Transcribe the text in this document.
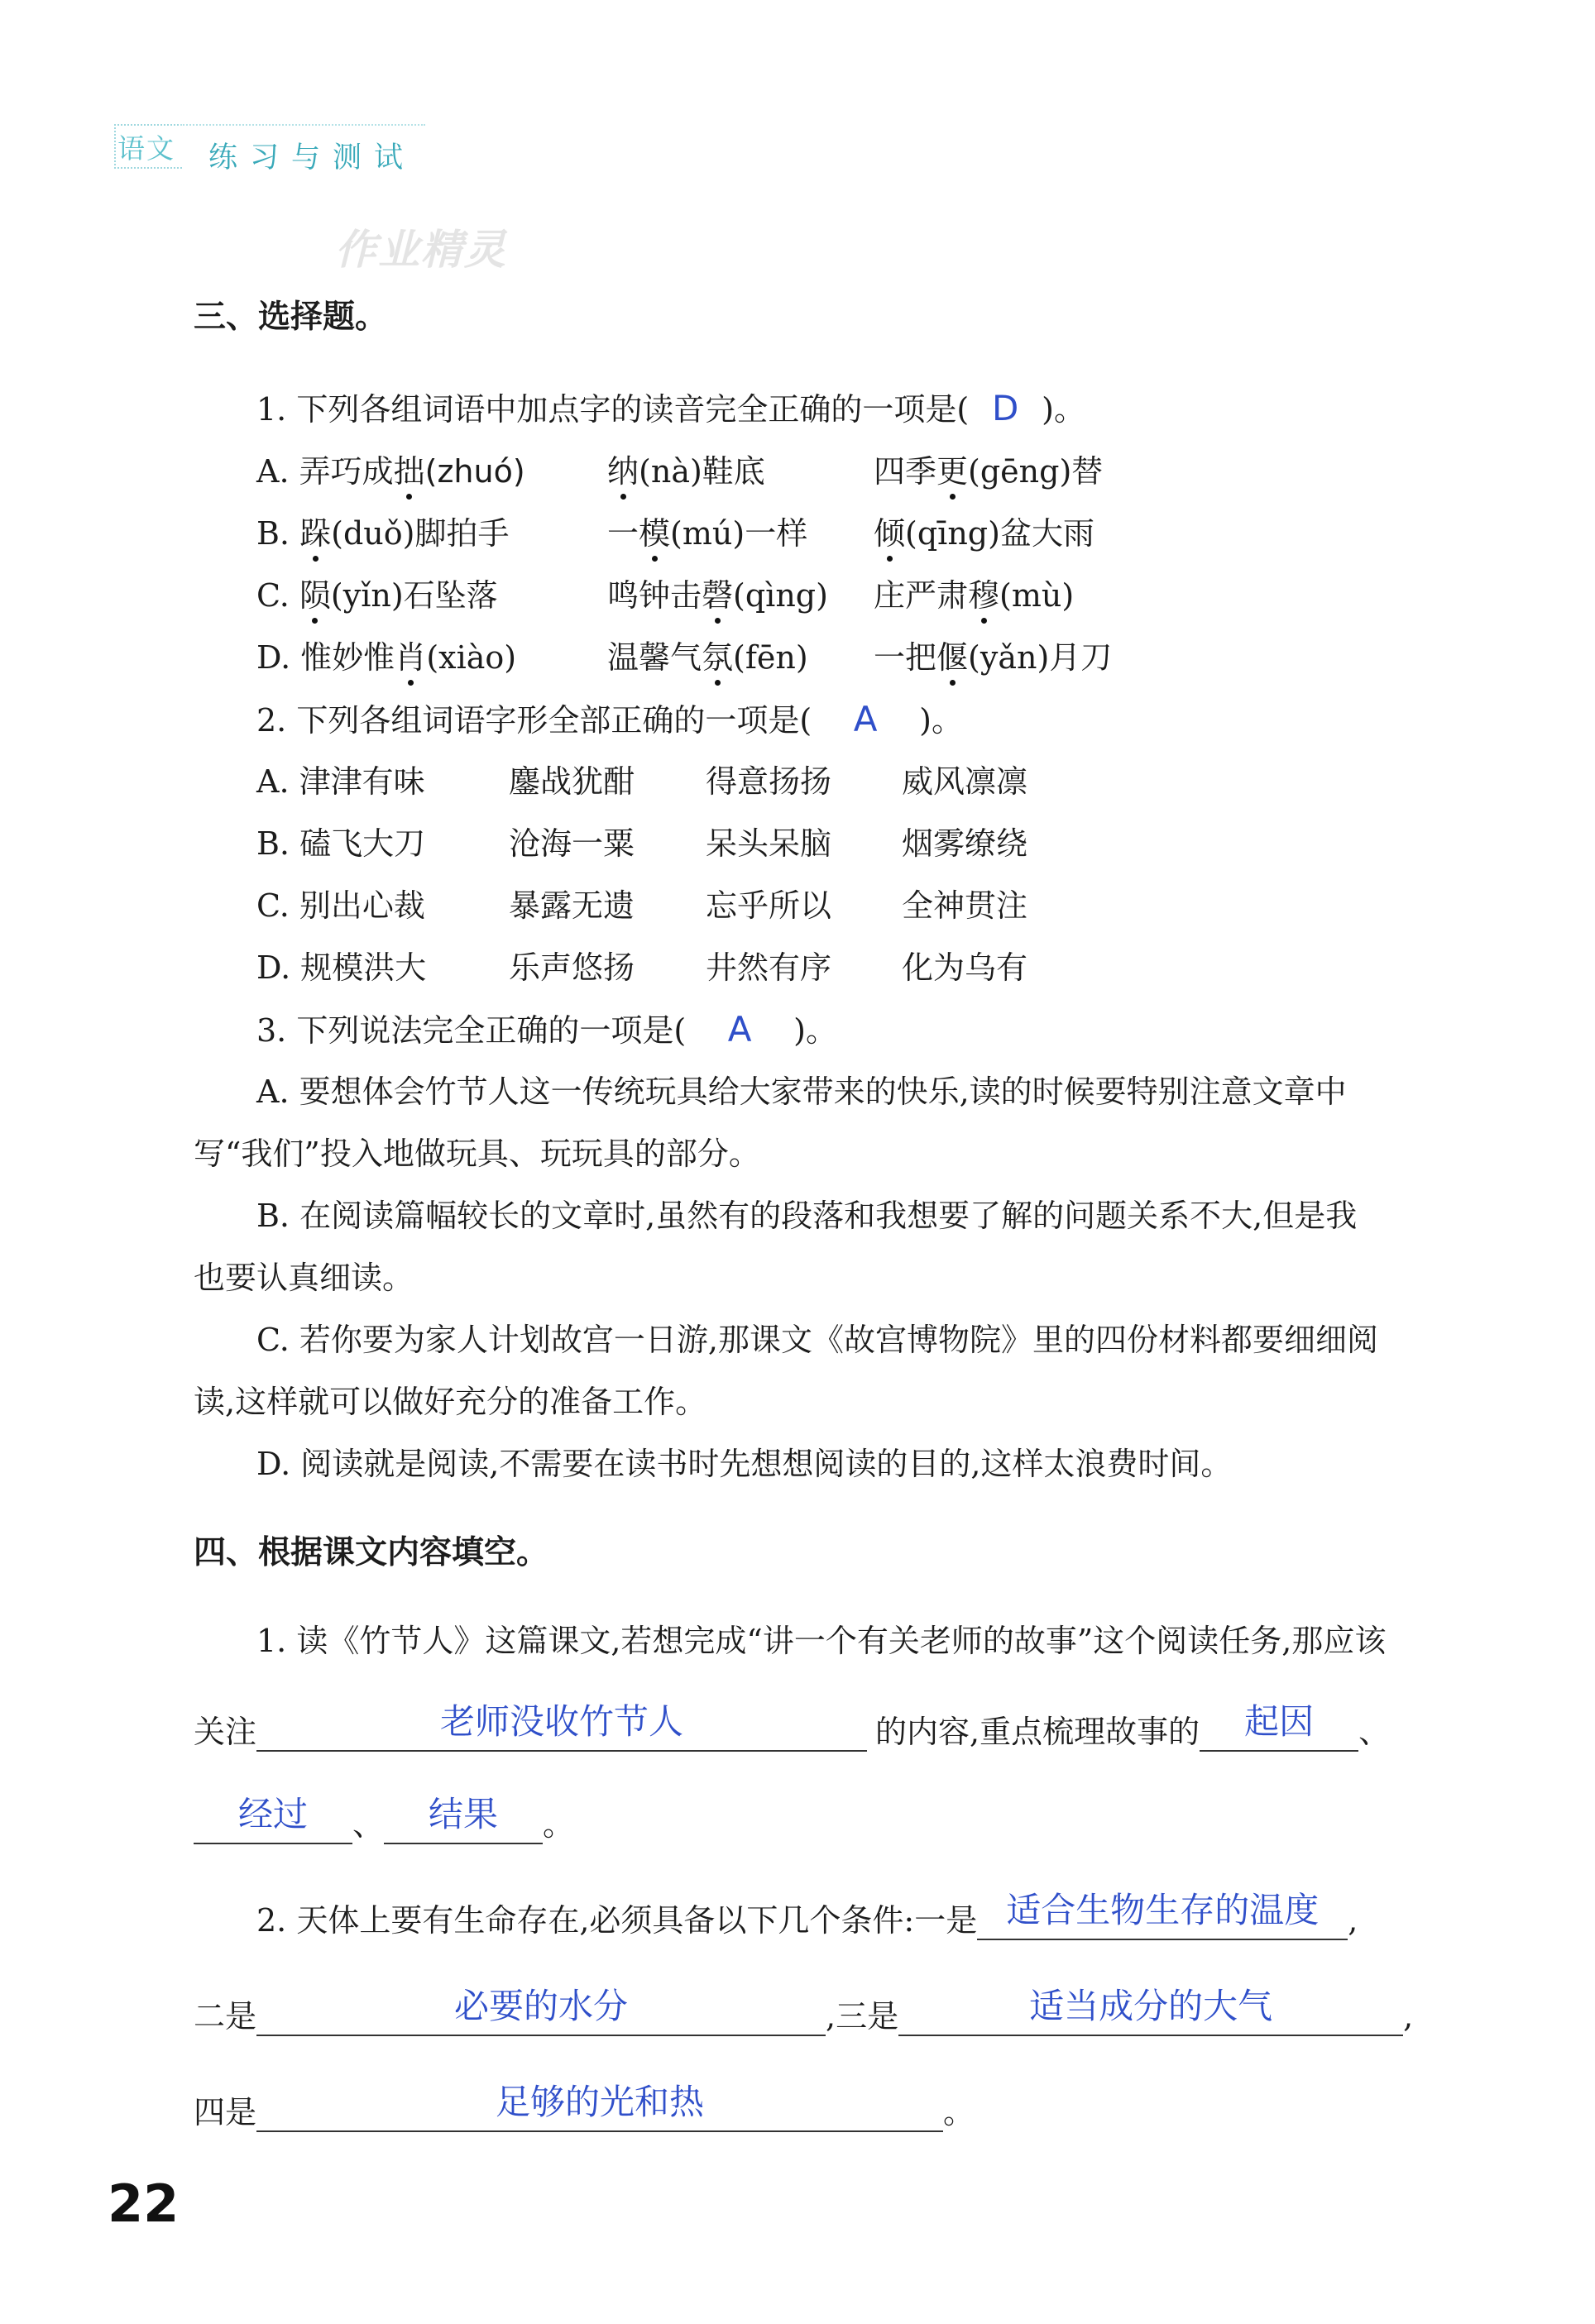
语文 练习与测试
作业精灵
三、选择题。
1. 下列各组词语中加点字的读音完全正确的一项是( D )。
A. 弄巧成拙(zhuó)	纳(nà)鞋底	四季更(gēng)替
B. 跺(duǒ)脚拍手	一模(mú)一样 倾(qīng)盆大雨
C. 陨(yǐn)石坠落	鸣钟击磬(qìng) 庄严肃穆(mù)
D. 惟妙惟肖(xiào)	温馨气氛(fēn) 一把偃(yǎn)月刀
2. 下列各组词语字形全部正确的一项是( A )。
A. 津津有味	鏖战犹酣 得意扬扬 威风凛凛
B. 磕飞大刀	沧海一粟 呆头呆脑 烟雾缭绕
C. 别出心裁	暴露无遗 忘乎所以 全神贯注
D. 规模洪大	乐声悠扬 井然有序 化为乌有
3. 下列说法完全正确的一项是( A )。
A. 要想体会竹节人这一传统玩具给大家带来的快乐,读的时候要特别注意文章中
写“我们”投入地做玩具、玩玩具的部分。
B. 在阅读篇幅较长的文章时,虽然有的段落和我想要了解的问题关系不大,但是我
也要认真细读。
C. 若你要为家人计划故宫一日游,那课文《故宫博物院》里的四份材料都要细细阅
读,这样就可以做好充分的准备工作。
D. 阅读就是阅读,不需要在读书时先想想阅读的目的,这样太浪费时间。
四、根据课文内容填空。
1. 读《竹节人》这篇课文,若想完成“讲一个有关老师的故事”这个阅读任务,那应该
关注	老师没收竹节人	的内容,重点梳理故事的 起因 、
经过 、 结果 。
2. 天体上要有生命存在,必须具备以下几个条件:一是 适合生物生存的温度 ,
二是	必要的水分	,三是	适当成分的大气	,
四是	足够的光和热	。
22
